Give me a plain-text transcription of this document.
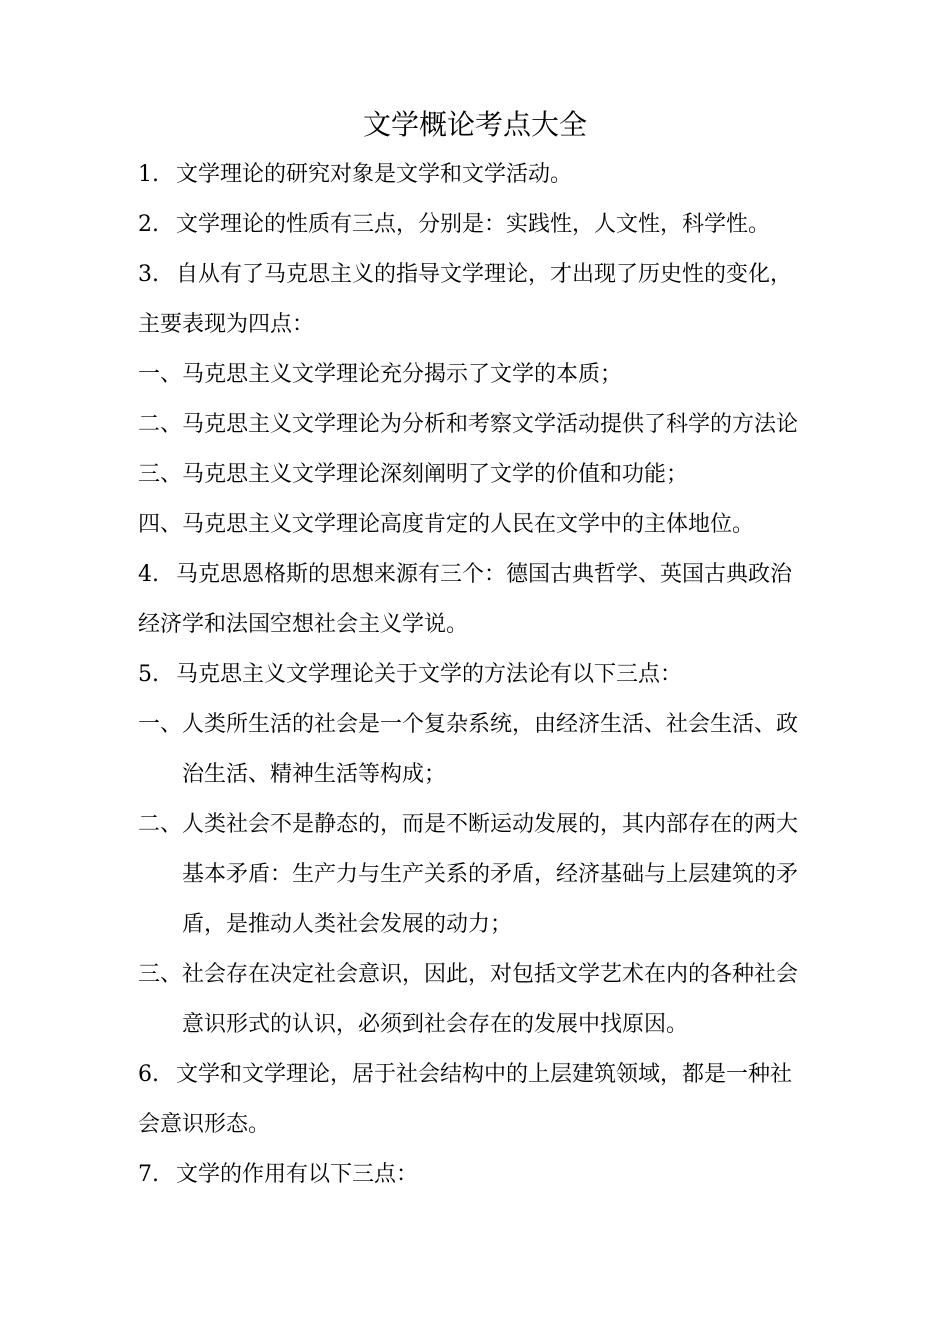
文学概论考点大全

1. 文学理论的研究对象是文学和文学活动。

2. 文学理论的性质有三点，分别是：实践性，人文性，科学性。

3. 自从有了马克思主义的指导文学理论，才出现了历史性的变化，

主要表现为四点：

一、马克思主义文学理论充分揭示了文学的本质；

二、马克思主义文学理论为分析和考察文学活动提供了科学的方法论

三、马克思主义文学理论深刻阐明了文学的价值和功能；

四、马克思主义文学理论高度肯定的人民在文学中的主体地位。

4. 马克思恩格斯的思想来源有三个：德国古典哲学、英国古典政治

经济学和法国空想社会主义学说。

5. 马克思主义文学理论关于文学的方法论有以下三点：

一、人类所生活的社会是一个复杂系统，由经济生活、社会生活、政

治生活、精神生活等构成；

二、人类社会不是静态的，而是不断运动发展的，其内部存在的两大

基本矛盾：生产力与生产关系的矛盾，经济基础与上层建筑的矛

盾，是推动人类社会发展的动力；

三、社会存在决定社会意识，因此，对包括文学艺术在内的各种社会

意识形式的认识，必须到社会存在的发展中找原因。

6. 文学和文学理论，居于社会结构中的上层建筑领域，都是一种社

会意识形态。

7. 文学的作用有以下三点：
